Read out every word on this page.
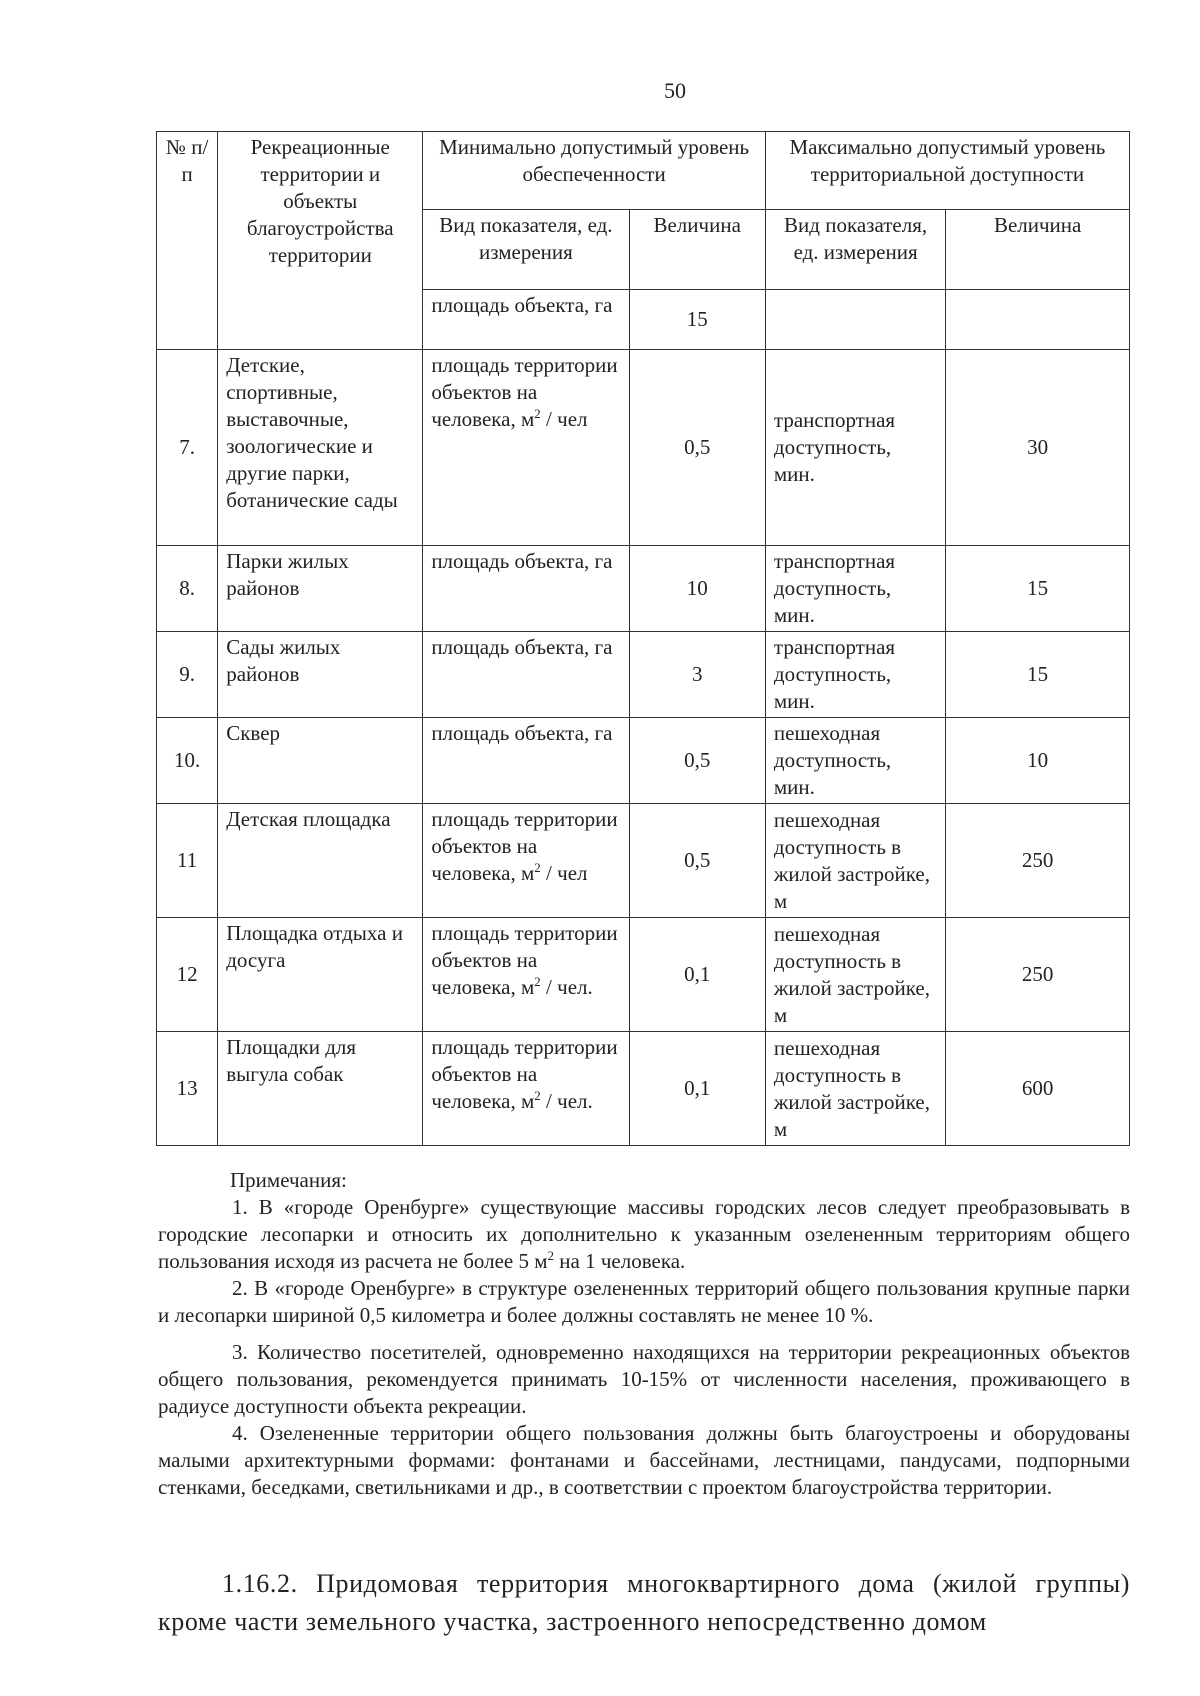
50
№ п/п	Рекреационные территории и объекты благоустройства территории	Минимально допустимый уровень обеспеченности		Максимально допустимый уровень территориальной доступности	
		Вид показателя, ед. измерения	Величина	Вид показателя, ед. измерения	Величина
		площадь объекта, га	15		
7.	Детские, спортивные, выставочные, зоологические и другие парки, ботанические сады	площадь территории объектов на человека, $м^2$ / чел	0,5	транспортная доступность, мин.	30
8.	Парки жилых районов	площадь объекта, га	10	транспортная доступность, мин.	15
9.	Сады жилых районов	площадь объекта, га	3	транспортная доступность, мин.	15
10.	Сквер	площадь объекта, га	0,5	пешеходная доступность, мин.	10
11	Детская площадка	площадь территории объектов на человека, $м^2$ / чел	0,5	пешеходная доступность в жилой застройке, м	250
12	Площадка отдыха и досуга	площадь территории объектов на человека, $м^2$ / чел.	0,1	пешеходная доступность в жилой застройке, м	250
13	Площадки для выгула собак	площадь территории объектов на человека, $м^2$ / чел.	0,1	пешеходная доступность в жилой застройке, м	600

Примечания:

1. В «городе Оренбурге» существующие массивы городских лесов следует преобразовывать в городские лесопарки и относить их дополнительно к указанным озелененным территориям общего пользования исходя из расчета не более 5 $м^2$ на 1 человека.

2. В «городе Оренбурге» в структуре озелененных территорий общего пользования крупные парки и лесопарки шириной 0,5 километра и более должны составлять не менее 10 %.

3. Количество посетителей, одновременно находящихся на территории рекреационных объектов общего пользования, рекомендуется принимать 10-15% от численности населения, проживающего в радиусе доступности объекта рекреации.

4. Озелененные территории общего пользования должны быть благоустроены и оборудованы малыми архитектурными формами: фонтанами и бассейнами, лестницами, пандусами, подпорными стенками, беседками, светильниками и др., в соответствии с проектом благоустройства территории.

1.16.2. Придомовая территория многоквартирного дома (жилой группы) кроме части земельного участка, застроенного непосредственно домом
